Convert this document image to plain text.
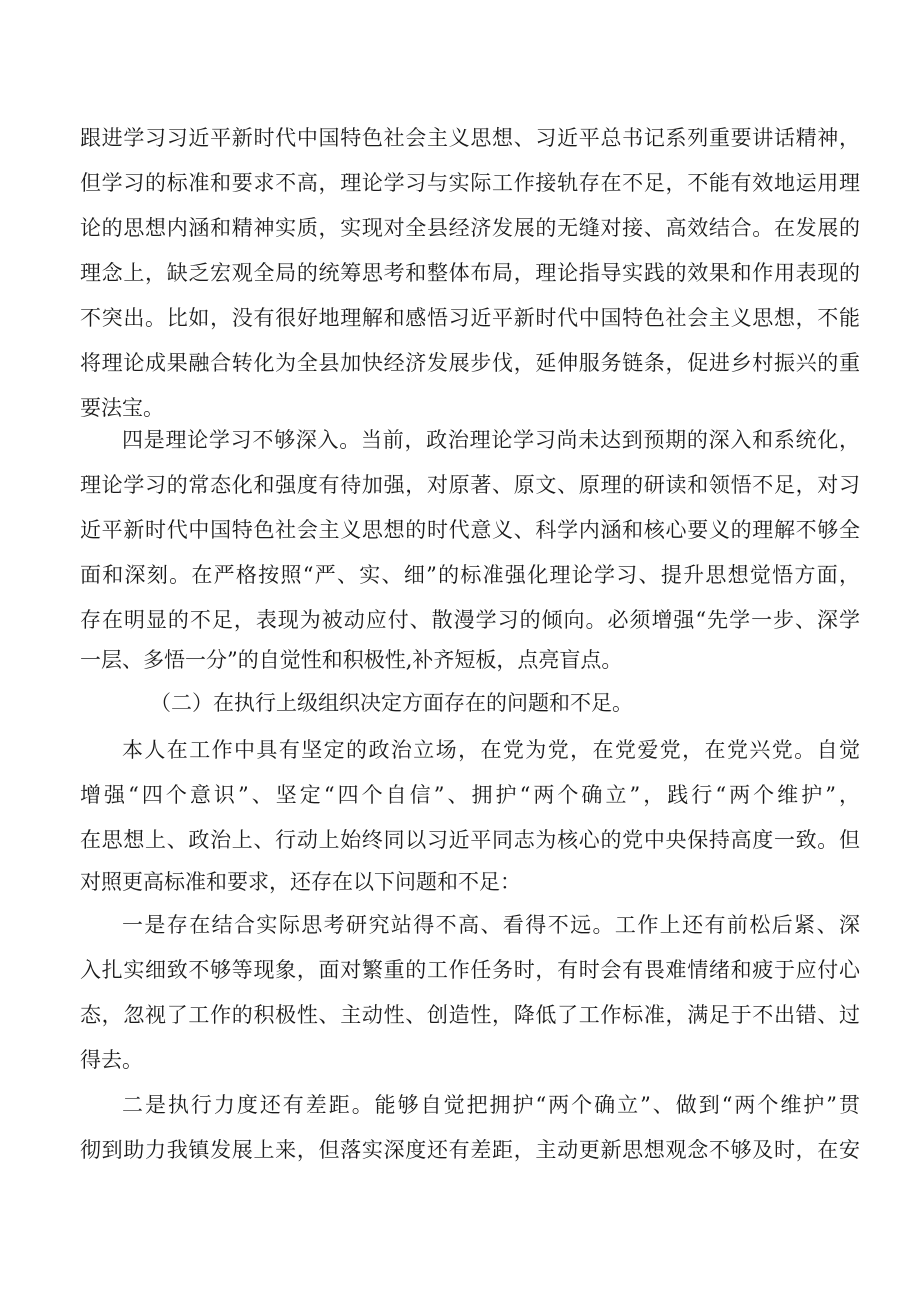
跟进学习习近平新时代中国特色社会主义思想、习近平总书记系列重要讲话精神，
但学习的标准和要求不高，理论学习与实际工作接轨存在不足，不能有效地运用理
论的思想内涵和精神实质，实现对全县经济发展的无缝对接、高效结合。在发展的
理念上，缺乏宏观全局的统筹思考和整体布局，理论指导实践的效果和作用表现的
不突出。比如，没有很好地理解和感悟习近平新时代中国特色社会主义思想，不能
将理论成果融合转化为全县加快经济发展步伐，延伸服务链条，促进乡村振兴的重
要法宝。
四是理论学习不够深入。当前，政治理论学习尚未达到预期的深入和系统化，
理论学习的常态化和强度有待加强，对原著、原文、原理的研读和领悟不足，对习
近平新时代中国特色社会主义思想的时代意义、科学内涵和核心要义的理解不够全
面和深刻。在严格按照“严、实、细”的标准强化理论学习、提升思想觉悟方面，
存在明显的不足，表现为被动应付、散漫学习的倾向。必须增强“先学一步、深学
一层、多悟一分”的自觉性和积极性,补齐短板，点亮盲点。
（二）在执行上级组织决定方面存在的问题和不足。
本人在工作中具有坚定的政治立场，在党为党，在党爱党，在党兴党。自觉
增强“四个意识”、坚定“四个自信”、拥护“两个确立”，践行“两个维护”，
在思想上、政治上、行动上始终同以习近平同志为核心的党中央保持高度一致。但
对照更高标准和要求，还存在以下问题和不足：
一是存在结合实际思考研究站得不高、看得不远。工作上还有前松后紧、深
入扎实细致不够等现象，面对繁重的工作任务时，有时会有畏难情绪和疲于应付心
态，忽视了工作的积极性、主动性、创造性，降低了工作标准，满足于不出错、过
得去。
二是执行力度还有差距。能够自觉把拥护“两个确立”、做到“两个维护”贯
彻到助力我镇发展上来，但落实深度还有差距，主动更新思想观念不够及时，在安
